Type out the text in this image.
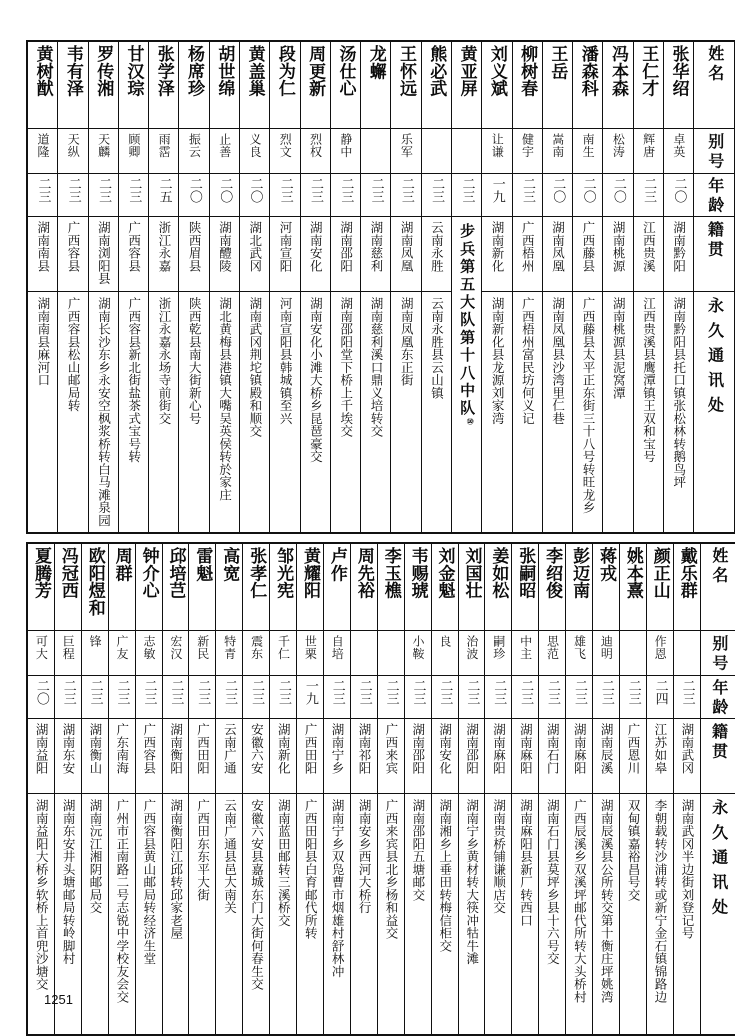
黄树猷	韦有泽	罗传湘	甘汉琮	张学泽	杨席珍	胡世绵	黄盖巢	段为仁	周更新	汤仕心	龙蠏	王怀远	熊必武	黄亚屏	刘义斌	柳树春	王岳	潘森科	冯本森	王仁才	张华绍	姓名

道隆	天纵	天麟	顾卿	雨霑	振云	止善	义良	烈文	烈权	静中		乐军			让谦	健宇	嵩南	南生	松涛	辉唐	卓英	别号

二三	二三	二三	二三	二五	二〇	二〇	二〇	二三	二三	二三	二三	二三	二三	二三	一九	二三	二〇	二〇	二〇	二三	二〇	年龄

湖南南县	广西容县	湖南浏阳县	广西容县	浙江永嘉	陕西眉县	湖南醴陵	湖北武冈	河南宣阳	湖南安化	湖南邵阳	湖南慈利	湖南凤凰	云南永胜	步兵第五大队第十八中队⑩	湖南新化	广西梧州	湖南凤凰	广西藤县	湖南桃源	江西贵溪	湖南黔阳	籍贯

湖南南县麻河口	广西容县松山邮局转	湖南长沙东乡永安空枫浆桥转白马滩泉园	广西容县新北街盐茶式宝号转	浙江永嘉永场寺前街交	陕西乾县南大街新心号	湖北黄梅县港镇大嘴吴英侯转於家庄	湖南武冈荆坨镇殿和顺交	河南宣阳县韩城镇至兴	湖南安化小滩大桥乡昆琶豪交	湖南邵阳堂下桥上千埃交	湖南慈利溪口鼎义培转交	湖南凤凰东正街	云南永胜县云山镇		湖南新化县龙源刘家湾	广西梧州富民坊何义记	湖南凤凰县沙湾里仁巷	广西藤县太平正东街三十八号转旺龙乡	湖南桃源县泥窝潭	江西贵溪县鹰潭镇王双和宝号	湖南黔阳县托口镇张松林转鹅鸟坪	永久通讯处
夏腾芳	冯冠西	欧阳煜和	周群	钟介心	邱培芑	雷魁	高宽	张孝仁	邹光宪	黄耀阳	卢作	周先裕	李玉樵	韦赐琥	刘金魁	刘国壮	姜如松	张嗣昭	李绍俊	彭迈南	蒋戎	姚本熹	颜正山	戴乐群	姓名

可大	巨程	锋	广友	志敏	宏汉	新民	特青	震东	千仁	世栗	自培			小鞍	良	治波	嗣珍	中主	思范	雄飞	迪明		作恩		别号

二〇	二三	二三	二三	二三	二三	二三	二三	二三	二三	一九	二三	二三	二三	二三	二三	二三	二三	二三	二三	二三	二三	二三	二四	二三	年龄

湖南益阳	湖南东安	湖南衡山	广东南海	广西容县	湖南衡阳	广西田阳	云南广通	安徽六安	湖南新化	广西田阳	湖南宁乡	湖南祁阳	广西来宾	湖南邵阳	湖南安化	湖南邵阳	湖南麻阳	湖南麻阳	湖南石门	湖南麻阳	湖南辰溪	广西恩川	江苏如皋	湖南武冈	籍贯

湖南益阳大桥乡软桥上首兜沙塘交	湖南东安井头塘邮局转岭脚村	湖南沅江湘阴邮局交	广州市正南路二号志锐中学校友会交	广西容县黄山邮局转经济生堂	湖南衡阳江邱转邱家老屋	广西田东东平大街	云南广通县邑大南关	安徽六安县嘉城东门大街何春生交	湖南蓝田邮转三溪桥交	广西田阳县白育邮代所转	湖南宁乡双凫曹市烟雄村舒林冲	湖南安乡西河大桥行	广西来宾县北乡杨和益交	湖南邵阳五塘邮交	湖南湘乡上垂田转梅信柜交	湖南宁乡黄材转大筷冲牯牛滩	湖南贵桥铺谦顺店交	湖南麻阳县新厂转西口	湖南石门县莫坪乡县十六号交	广西辰溪乡双溪坪邮代所转大头桥村	湖南辰溪县公所转交第十衡庄坪姚湾	双甸镇嘉裕昌号交	李朝载转沙浦转或新宁金石镇锦路边	湖南武冈半边街刘登记号	永久通讯处
1251
